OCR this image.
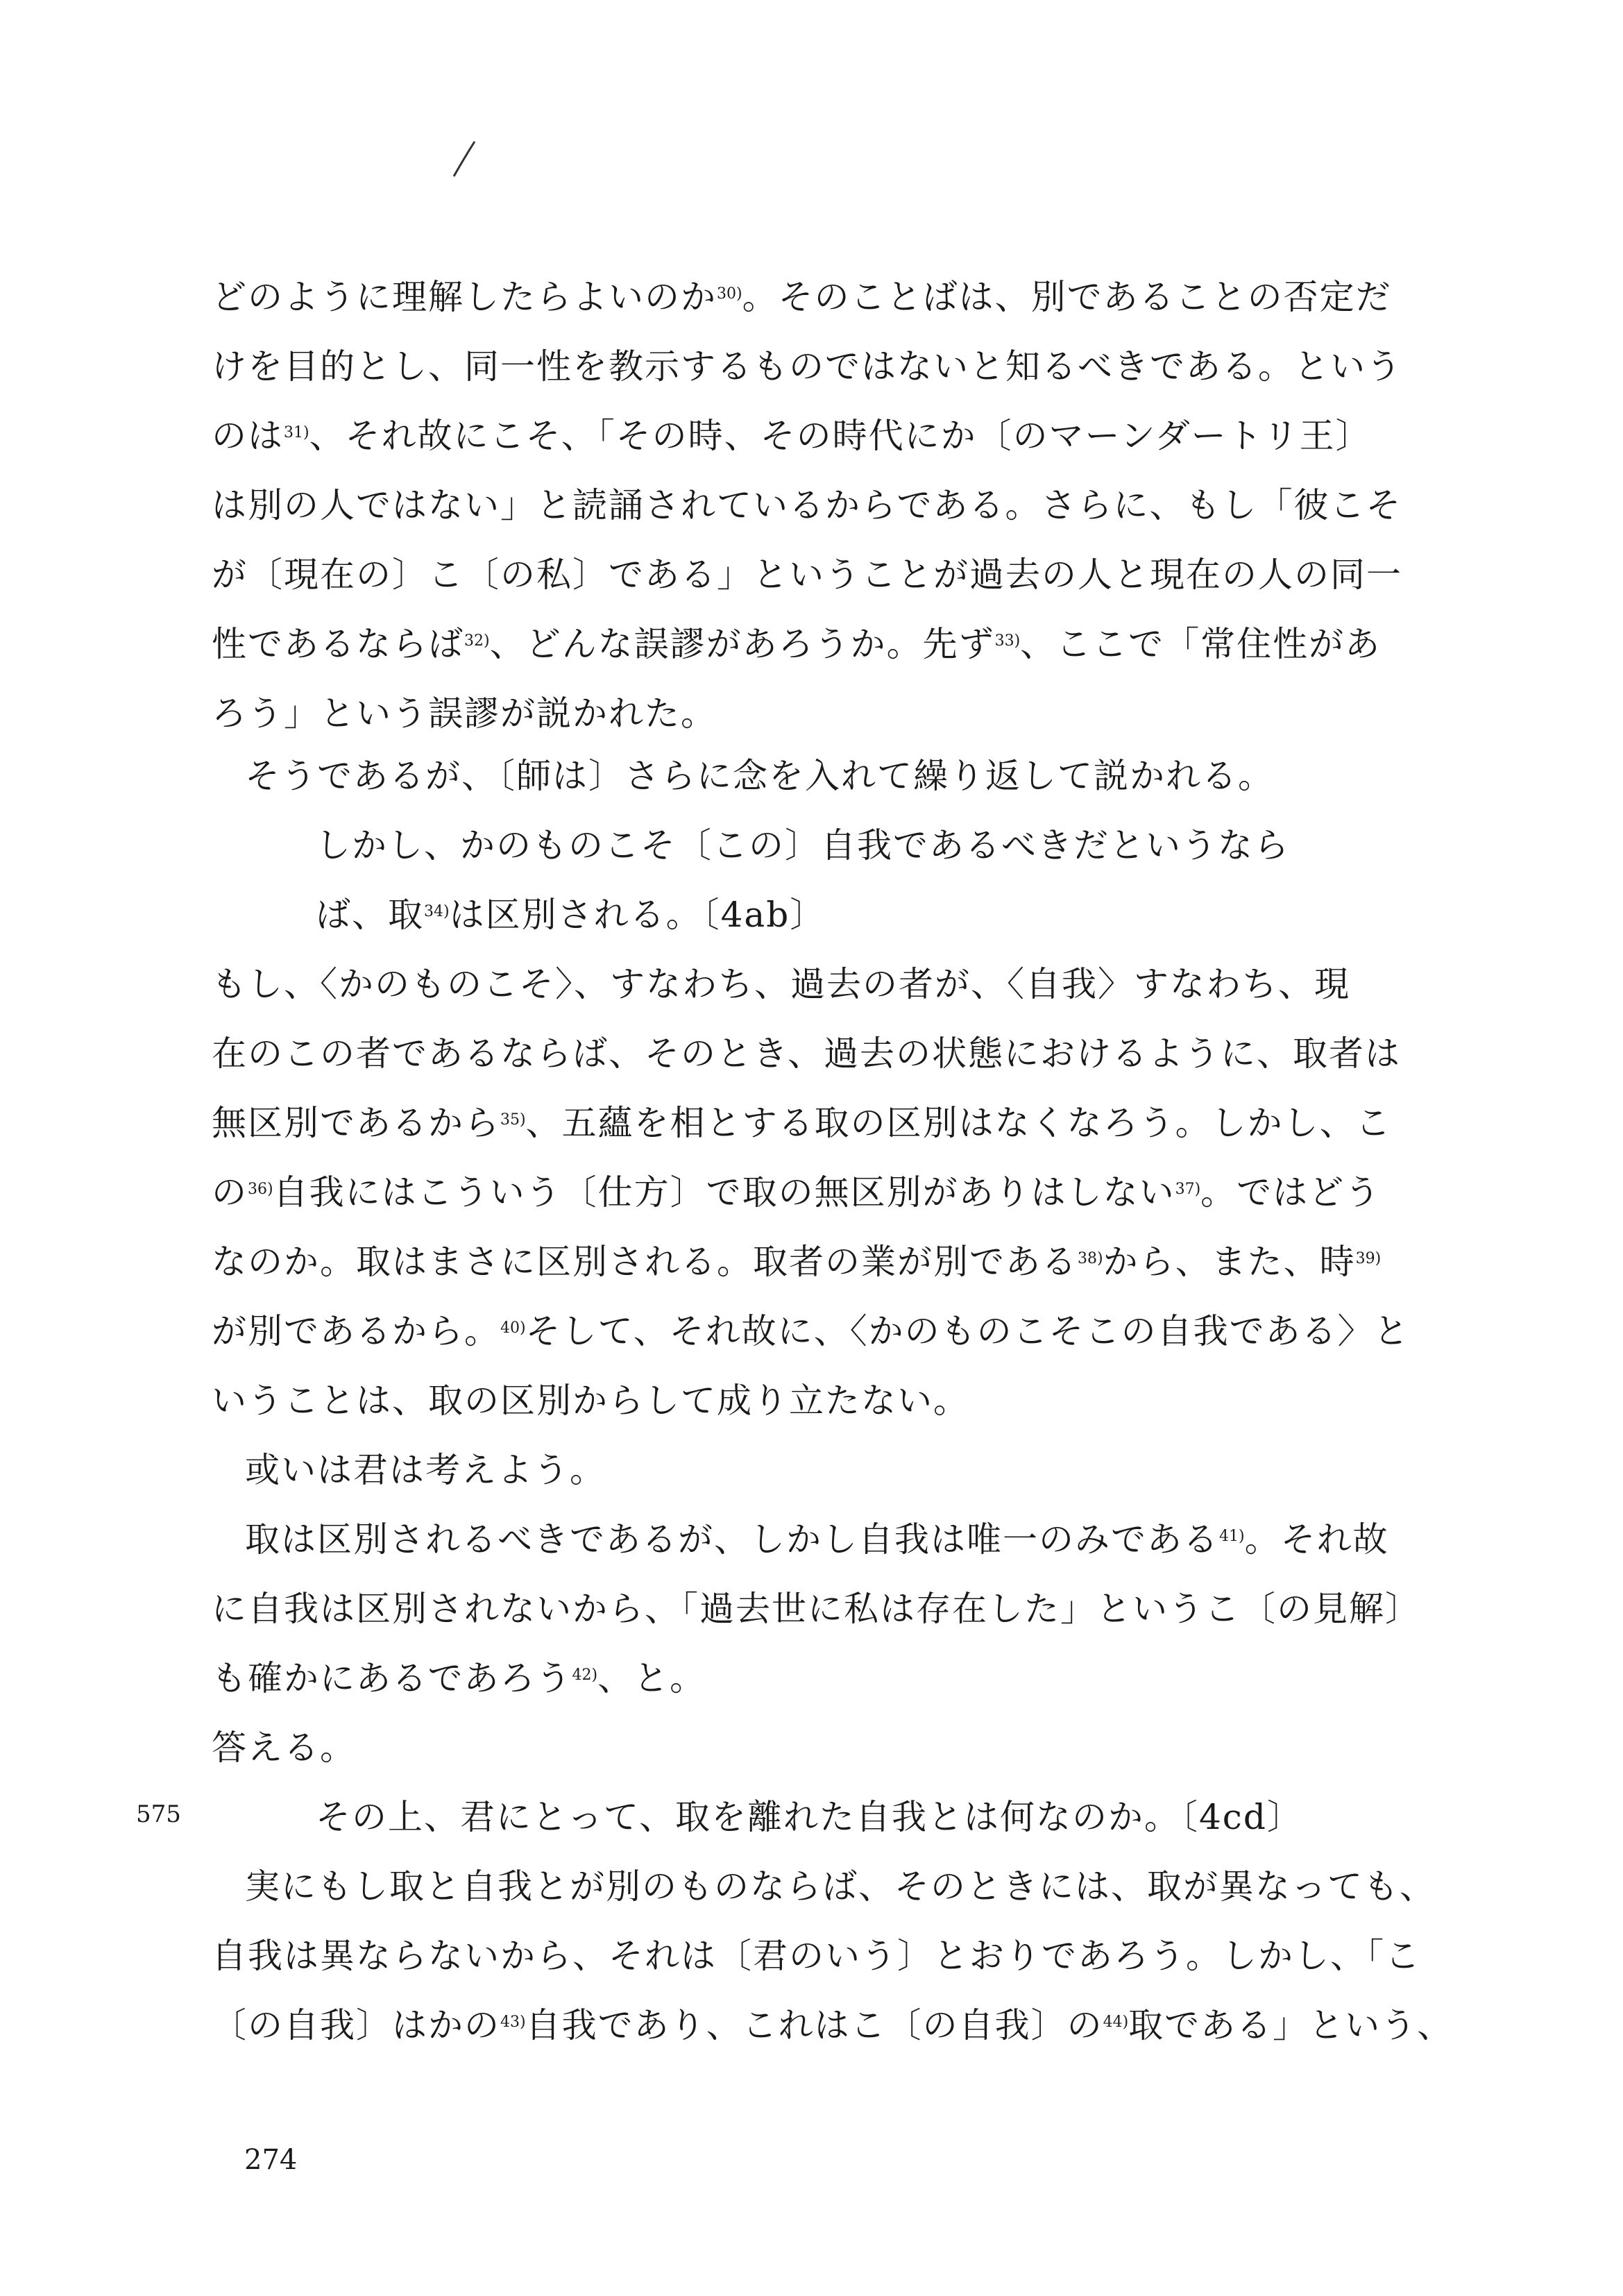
どのように理解したらよいのか$^{30)}$。そのことばは、別であることの否定だ
けを目的とし、同一性を教示するものではないと知るべきである。という
のは$^{31)}$、それ故にこそ、「その時、その時代にか〔のマーンダートリ王〕
は別の人ではない」と読誦されているからである。さらに、もし「彼こそ
が〔現在の〕こ〔の私〕である」ということが過去の人と現在の人の同一
性であるならば$^{32)}$、どんな誤謬があろうか。先ず$^{33)}$、ここで「常住性があ
ろう」という誤謬が説かれた。
そうであるが、〔師は〕さらに念を入れて繰り返して説かれる。
しかし、かのものこそ〔この〕自我であるべきだというなら
ば、取$^{34)}$は区別される。〔4ab〕
もし、〈かのものこそ〉、すなわち、過去の者が、〈自我〉すなわち、現
在のこの者であるならば、そのとき、過去の状態におけるように、取者は
無区別であるから$^{35)}$、五蘊を相とする取の区別はなくなろう。しかし、こ
の$^{36)}$自我にはこういう〔仕方〕で取の無区別がありはしない$^{37)}$。ではどう
なのか。取はまさに区別される。取者の業が別である$^{38)}$から、また、時$^{39)}$
が別であるから。$^{40)}$そして、それ故に、〈かのものこそこの自我である〉と
いうことは、取の区別からして成り立たない。
或いは君は考えよう。
取は区別されるべきであるが、しかし自我は唯一のみである$^{41)}$。それ故
に自我は区別されないから、「過去世に私は存在した」というこ〔の見解〕
も確かにあるであろう$^{42)}$、と。
答える。
その上、君にとって、取を離れた自我とは何なのか。〔4cd〕
実にもし取と自我とが別のものならば、そのときには、取が異なっても、
自我は異ならないから、それは〔君のいう〕とおりであろう。しかし、「こ
〔の自我〕はかの$^{43)}$自我であり、これはこ〔の自我〕の$^{44)}$取である」という、
575
274
